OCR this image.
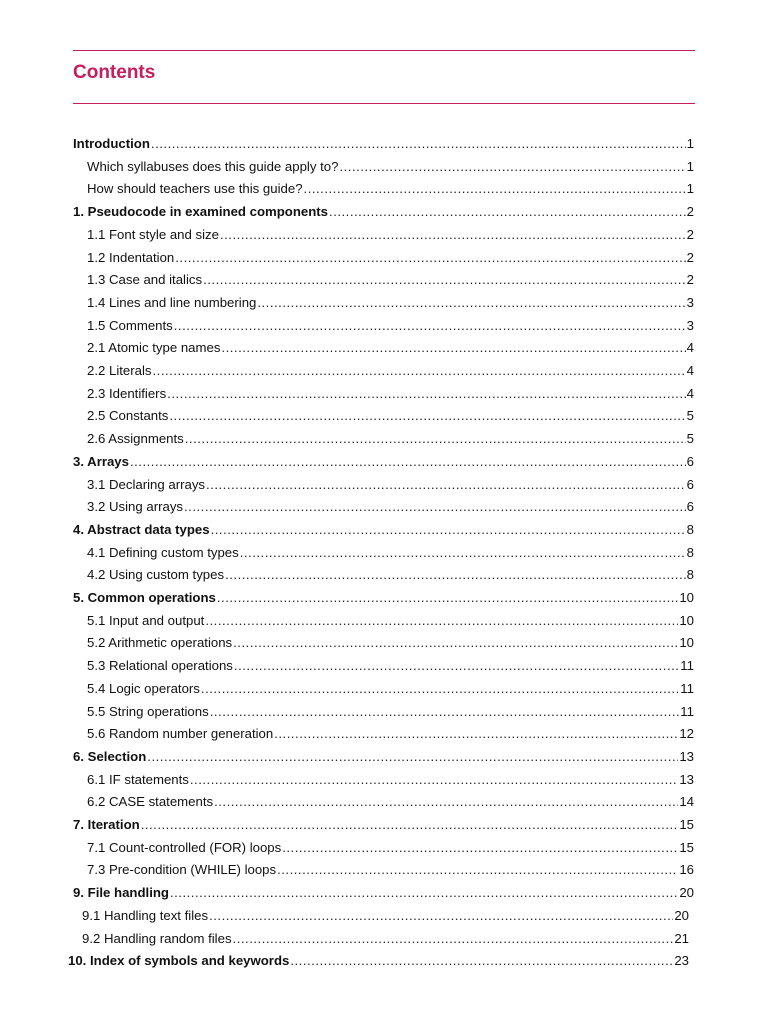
Contents
Introduction .....	1
Which syllabuses does this guide apply to? .....	1
How should teachers use this guide? .....	1
1. Pseudocode in examined components .....	2
1.1 Font style and size .....	2
1.2 Indentation .....	2
1.3 Case and italics .....	2
1.4 Lines and line numbering .....	3
1.5 Comments .....	3
2.1 Atomic type names .....	4
2.2 Literals .....	4
2.3 Identifiers .....	4
2.5 Constants .....	5
2.6 Assignments .....	5
3. Arrays .....	6
3.1 Declaring arrays .....	6
3.2 Using arrays .....	6
4. Abstract data types .....	8
4.1 Defining custom types .....	8
4.2 Using custom types .....	8
5. Common operations .....	10
5.1 Input and output .....	10
5.2 Arithmetic operations .....	10
5.3 Relational operations .....	11
5.4 Logic operators .....	11
5.5 String operations .....	11
5.6 Random number generation .....	12
6. Selection .....	13
6.1 IF statements .....	13
6.2 CASE statements .....	14
7. Iteration .....	15
7.1 Count-controlled (FOR) loops .....	15
7.3 Pre-condition (WHILE) loops .....	16
9. File handling .....	20
9.1 Handling text files .....	20
9.2 Handling random files .....	21
10. Index of symbols and keywords .....	23
